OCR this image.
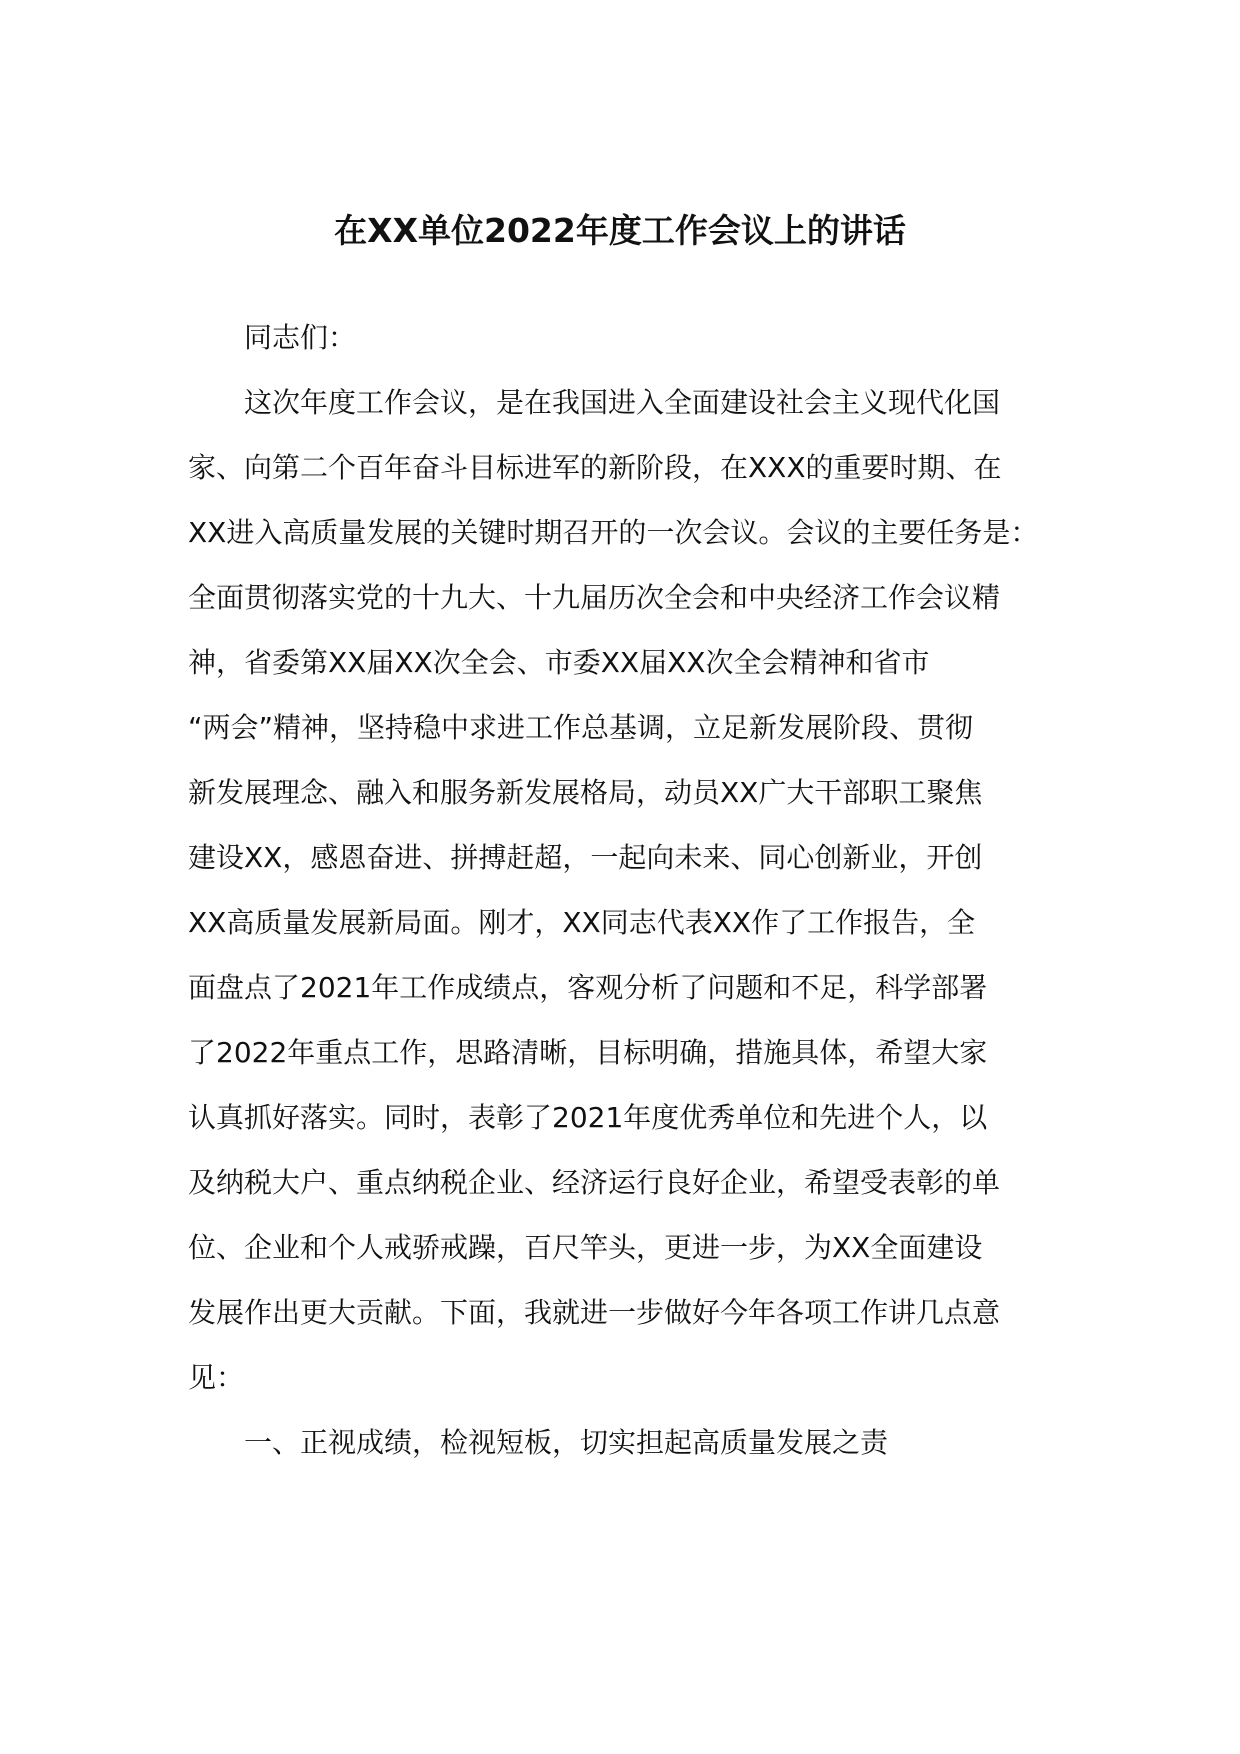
在XX单位2022年度工作会议上的讲话
　　同志们：
　　这次年度工作会议，是在我国进入全面建设社会主义现代化国
家、向第二个百年奋斗目标进军的新阶段，在XXX的重要时期、在
XX进入高质量发展的关键时期召开的一次会议。会议的主要任务是：
全面贯彻落实党的十九大、十九届历次全会和中央经济工作会议精
神，省委第XX届XX次全会、市委XX届XX次全会精神和省市
“两会”精神，坚持稳中求进工作总基调，立足新发展阶段、贯彻
新发展理念、融入和服务新发展格局，动员XX广大干部职工聚焦
建设XX，感恩奋进、拼搏赶超，一起向未来、同心创新业，开创
XX高质量发展新局面。刚才，XX同志代表XX作了工作报告，全
面盘点了2021年工作成绩点，客观分析了问题和不足，科学部署
了2022年重点工作，思路清晰，目标明确，措施具体，希望大家
认真抓好落实。同时，表彰了2021年度优秀单位和先进个人，以
及纳税大户、重点纳税企业、经济运行良好企业，希望受表彰的单
位、企业和个人戒骄戒躁，百尺竿头，更进一步，为XX全面建设
发展作出更大贡献。下面，我就进一步做好今年各项工作讲几点意
见：
　　一、正视成绩，检视短板，切实担起高质量发展之责
